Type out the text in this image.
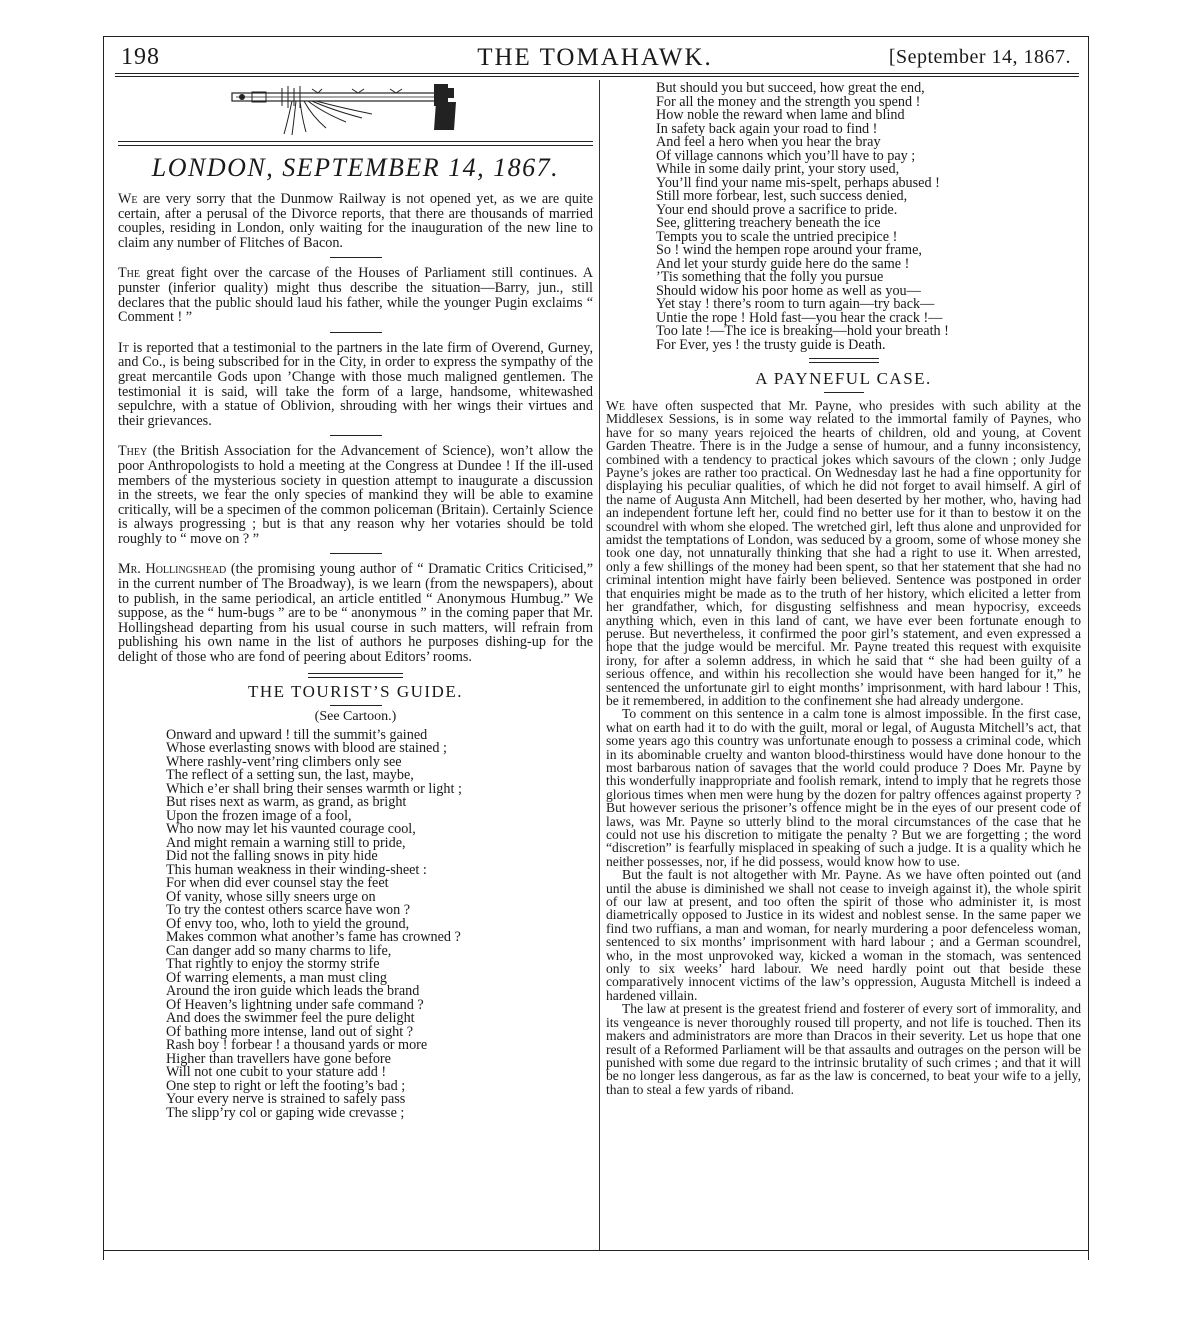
198	THE TOMAHAWK.	[September 14, 1867.
LONDON, SEPTEMBER 14, 1867.

We are very sorry that the Dunmow Railway is not opened yet, as we are quite certain, after a perusal of the Divorce reports, that there are thousands of married couples, residing in London, only waiting for the inauguration of the new line to claim any number of Flitches of Bacon.

The great fight over the carcase of the Houses of Parliament still continues. A punster (inferior quality) might thus describe the situation—Barry, jun., still declares that the public should laud his father, while the younger Pugin exclaims “ Comment ! ”

It is reported that a testimonial to the partners in the late firm of Overend, Gurney, and Co., is being subscribed for in the City, in order to express the sympathy of the great mercantile Gods upon ’Change with those much maligned gentlemen. The testimonial it is said, will take the form of a large, handsome, whitewashed sepulchre, with a statue of Oblivion, shrouding with her wings their virtues and their grievances.

They (the British Association for the Advancement of Science), won’t allow the poor Anthropologists to hold a meeting at the Congress at Dundee ! If the ill-used members of the mysterious society in question attempt to inaugurate a discussion in the streets, we fear the only species of mankind they will be able to examine critically, will be a specimen of the common policeman (Britain). Certainly Science is always progressing ; but is that any reason why her votaries should be told roughly to “ move on ? ”

Mr. Hollingshead (the promising young author of “ Dramatic Critics Criticised,” in the current number of The Broadway), is we learn (from the newspapers), about to publish, in the same periodical, an article entitled “ Anonymous Humbug.” We suppose, as the “ hum-bugs ” are to be “ anonymous ” in the coming paper that Mr. Hollingshead departing from his usual course in such matters, will refrain from publishing his own name in the list of authors he purposes dishing-up for the delight of those who are fond of peering about Editors’ rooms.

THE TOURIST’S GUIDE.
(See Cartoon.)
Onward and upward ! till the summit’s gained
Whose everlasting snows with blood are stained ;
Where rashly-vent’ring climbers only see
The reflect of a setting sun, the last, maybe,
Which e’er shall bring their senses warmth or light ;
But rises next as warm, as grand, as bright
Upon the frozen image of a fool,
Who now may let his vaunted courage cool,
And might remain a warning still to pride,
Did not the falling snows in pity hide
This human weakness in their winding-sheet :
For when did ever counsel stay the feet
Of vanity, whose silly sneers urge on
To try the contest others scarce have won ?
Of envy too, who, loth to yield the ground,
Makes common what another’s fame has crowned ?
Can danger add so many charms to life,
That rightly to enjoy the stormy strife
Of warring elements, a man must cling
Around the iron guide which leads the brand
Of Heaven’s lightning under safe command ?
And does the swimmer feel the pure delight
Of bathing more intense, land out of sight ?
Rash boy ! forbear ! a thousand yards or more
Higher than travellers have gone before
Will not one cubit to your stature add !
One step to right or left the footing’s bad ;
Your every nerve is strained to safely pass
The slipp’ry col or gaping wide crevasse ;
But should you but succeed, how great the end,
For all the money and the strength you spend !
How noble the reward when lame and blind
In safety back again your road to find !
And feel a hero when you hear the bray
Of village cannons which you’ll have to pay ;
While in some daily print, your story used,
You’ll find your name mis-spelt, perhaps abused !
Still more forbear, lest, such success denied,
Your end should prove a sacrifice to pride.
See, glittering treachery beneath the ice
Tempts you to scale the untried precipice !
So ! wind the hempen rope around your frame,
And let your sturdy guide here do the same !
’Tis something that the folly you pursue
Should widow his poor home as well as you—
Yet stay ! there’s room to turn again—try back—
Untie the rope ! Hold fast—you hear the crack !—
Too late !—The ice is breaking—hold your breath !
For Ever, yes ! the trusty guide is Death.
A PAYNEFUL CASE.

We have often suspected that Mr. Payne, who presides with such ability at the Middlesex Sessions, is in some way related to the immortal family of Paynes, who have for so many years rejoiced the hearts of children, old and young, at Covent Garden Theatre. There is in the Judge a sense of humour, and a funny inconsistency, combined with a tendency to practical jokes which savours of the clown ; only Judge Payne’s jokes are rather too practical. On Wednesday last he had a fine opportunity for displaying his peculiar qualities, of which he did not forget to avail himself. A girl of the name of Augusta Ann Mitchell, had been deserted by her mother, who, having had an independent fortune left her, could find no better use for it than to bestow it on the scoundrel with whom she eloped. The wretched girl, left thus alone and unprovided for amidst the temptations of London, was seduced by a groom, some of whose money she took one day, not unnaturally thinking that she had a right to use it. When arrested, only a few shillings of the money had been spent, so that her statement that she had no criminal intention might have fairly been believed. Sentence was postponed in order that enquiries might be made as to the truth of her history, which elicited a letter from her grandfather, which, for disgusting selfishness and mean hypocrisy, exceeds anything which, even in this land of cant, we have ever been fortunate enough to peruse. But nevertheless, it confirmed the poor girl’s statement, and even expressed a hope that the judge would be merciful. Mr. Payne treated this request with exquisite irony, for after a solemn address, in which he said that “ she had been guilty of a serious offence, and within his recollection she would have been hanged for it,” he sentenced the unfortunate girl to eight months’ imprisonment, with hard labour ! This, be it remembered, in addition to the confinement she had already undergone.

To comment on this sentence in a calm tone is almost impossible. In the first case, what on earth had it to do with the guilt, moral or legal, of Augusta Mitchell’s act, that some years ago this country was unfortunate enough to possess a criminal code, which in its abominable cruelty and wanton blood-thirstiness would have done honour to the most barbarous nation of savages that the world could produce ? Does Mr. Payne by this wonderfully inappropriate and foolish remark, intend to imply that he regrets those glorious times when men were hung by the dozen for paltry offences against property ? But however serious the prisoner’s offence might be in the eyes of our present code of laws, was Mr. Payne so utterly blind to the moral circumstances of the case that he could not use his discretion to mitigate the penalty ? But we are forgetting ; the word “discretion” is fearfully misplaced in speaking of such a judge. It is a quality which he neither possesses, nor, if he did possess, would know how to use.

But the fault is not altogether with Mr. Payne. As we have often pointed out (and until the abuse is diminished we shall not cease to inveigh against it), the whole spirit of our law at present, and too often the spirit of those who administer it, is most diametrically opposed to Justice in its widest and noblest sense. In the same paper we find two ruffians, a man and woman, for nearly murdering a poor defenceless woman, sentenced to six months’ imprisonment with hard labour ; and a German scoundrel, who, in the most unprovoked way, kicked a woman in the stomach, was sentenced only to six weeks’ hard labour. We need hardly point out that beside these comparatively innocent victims of the law’s oppression, Augusta Mitchell is indeed a hardened villain.

The law at present is the greatest friend and fosterer of every sort of immorality, and its vengeance is never thoroughly roused till property, and not life is touched. Then its makers and administrators are more than Dracos in their severity. Let us hope that one result of a Reformed Parliament will be that assaults and outrages on the person will be punished with some due regard to the intrinsic brutality of such crimes ; and that it will be no longer less dangerous, as far as the law is concerned, to beat your wife to a jelly, than to steal a few yards of riband.
